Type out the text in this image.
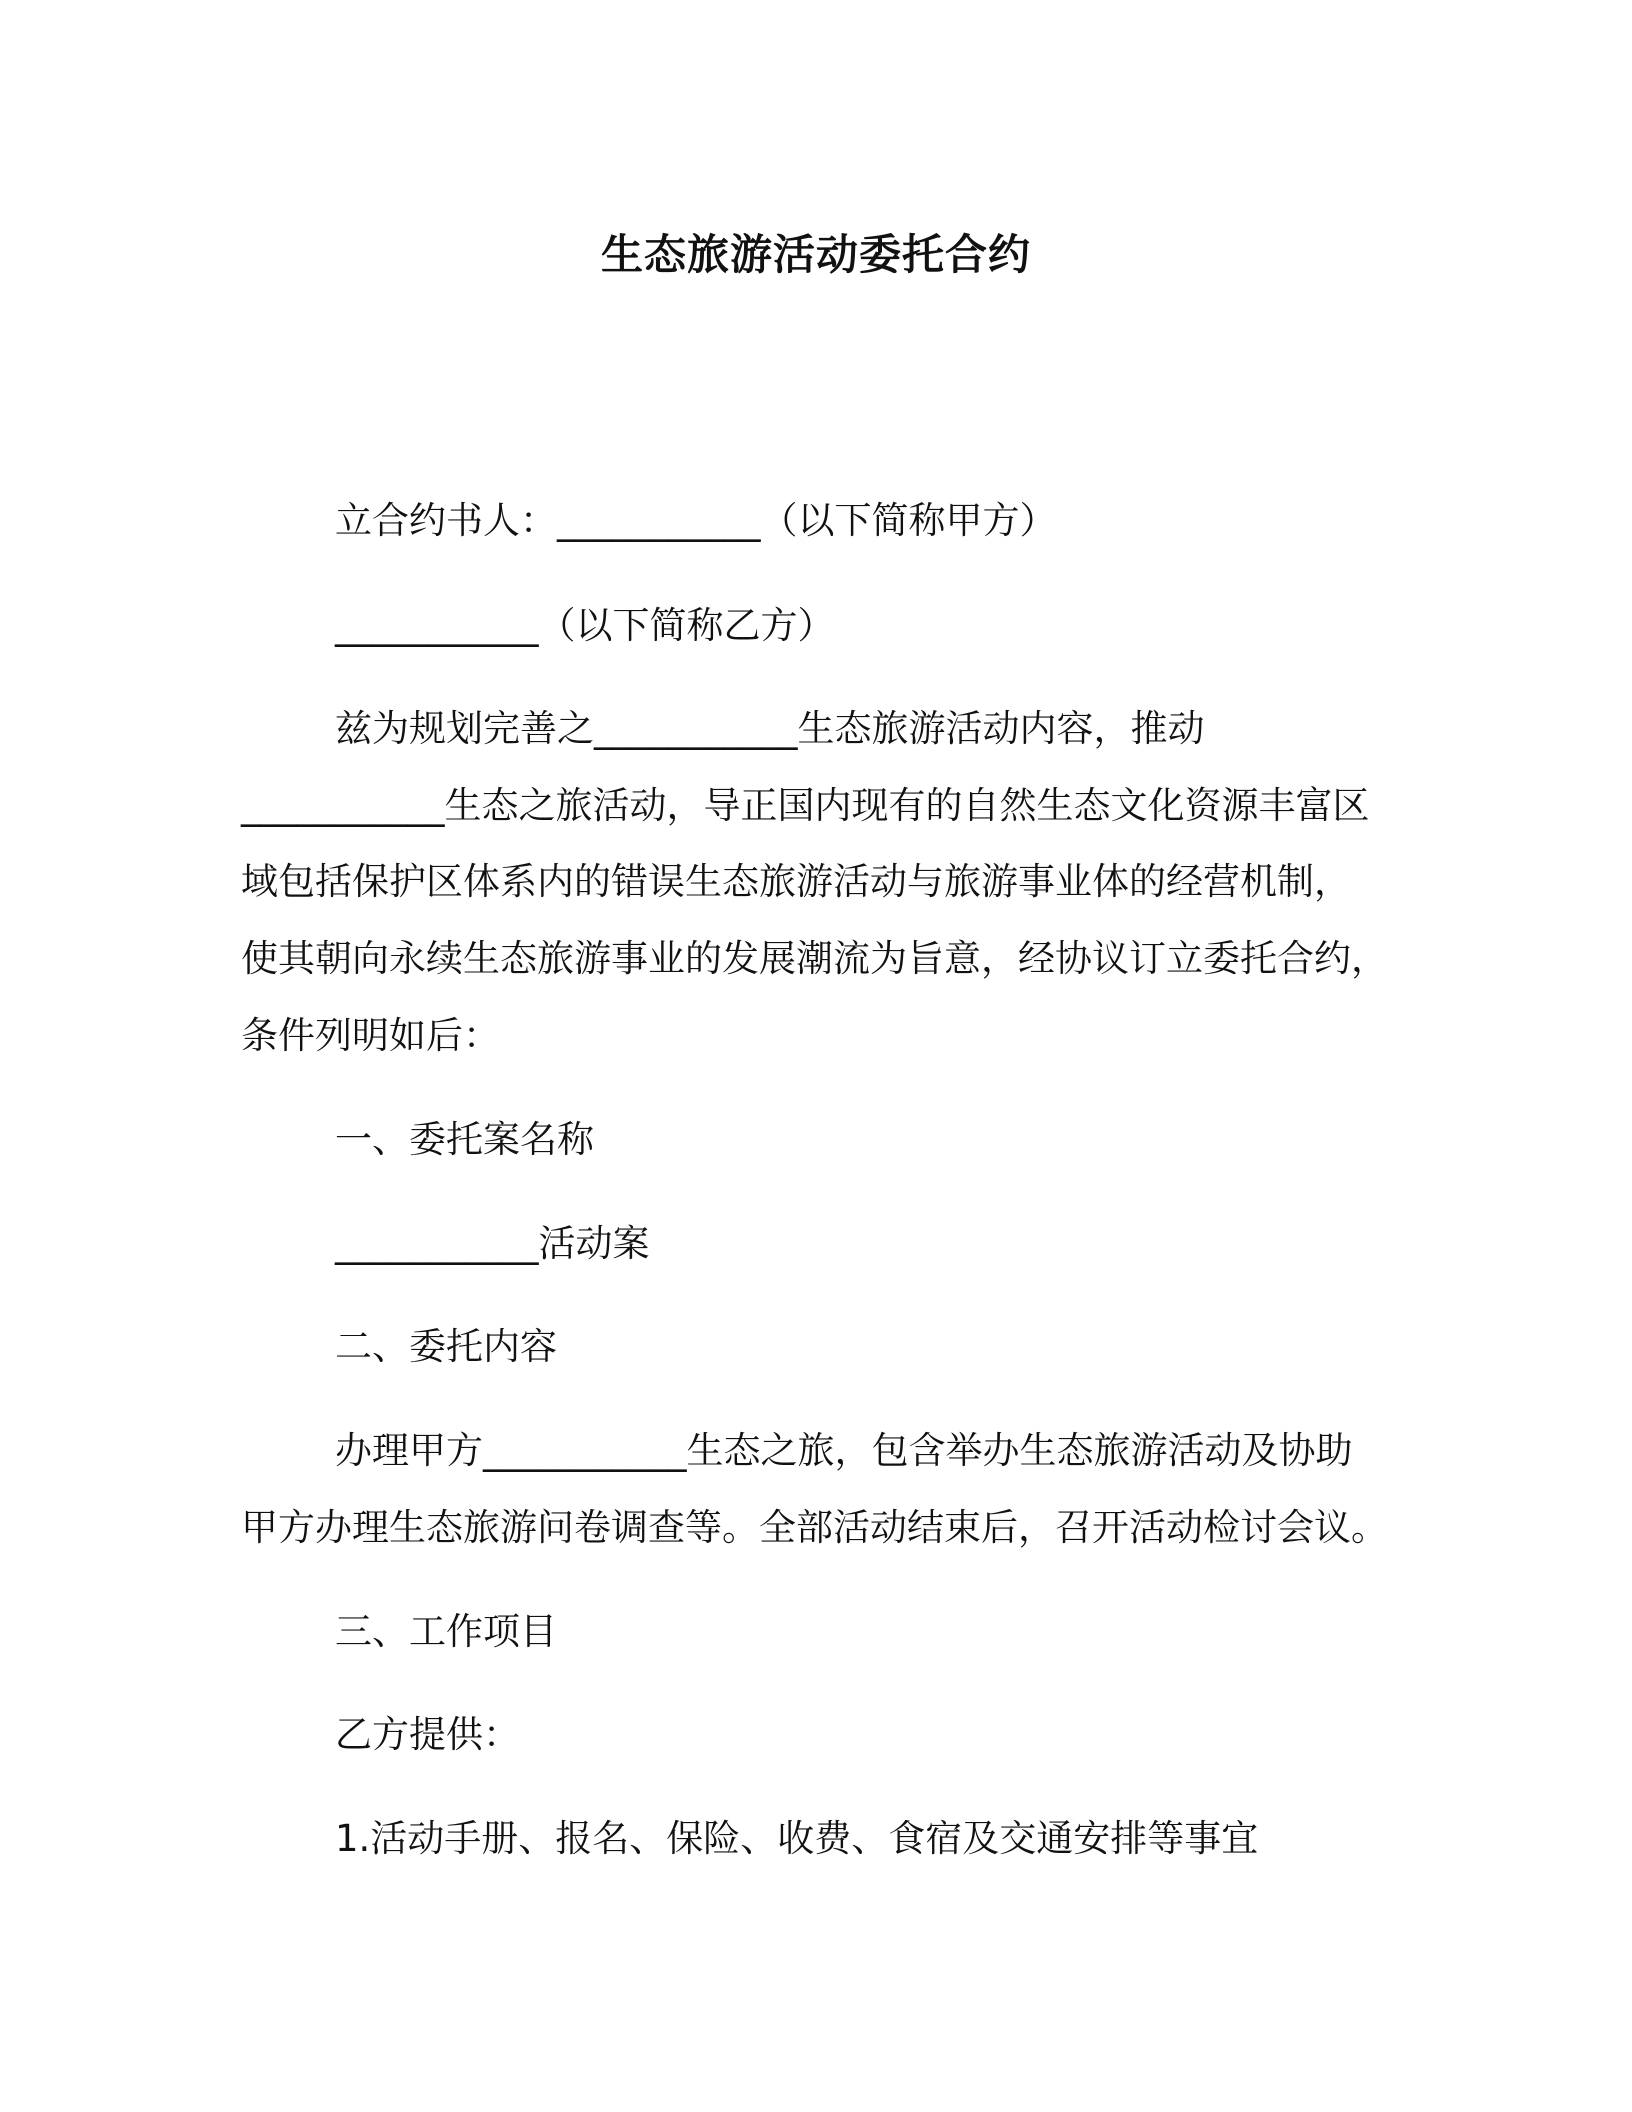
生态旅游活动委托合约
立合约书人：___________（以下简称甲方）
___________（以下简称乙方）
兹为规划完善之___________生态旅游活动内容，推动
___________生态之旅活动，导正国内现有的自然生态文化资源丰富区
域包括保护区体系内的错误生态旅游活动与旅游事业体的经营机制，
使其朝向永续生态旅游事业的发展潮流为旨意，经协议订立委托合约，
条件列明如后：
一、委托案名称
___________活动案
二、委托内容
办理甲方___________生态之旅，包含举办生态旅游活动及协助
甲方办理生态旅游问卷调查等。全部活动结束后，召开活动检讨会议。
三、工作项目
乙方提供：
1.活动手册、报名、保险、收费、食宿及交通安排等事宜
